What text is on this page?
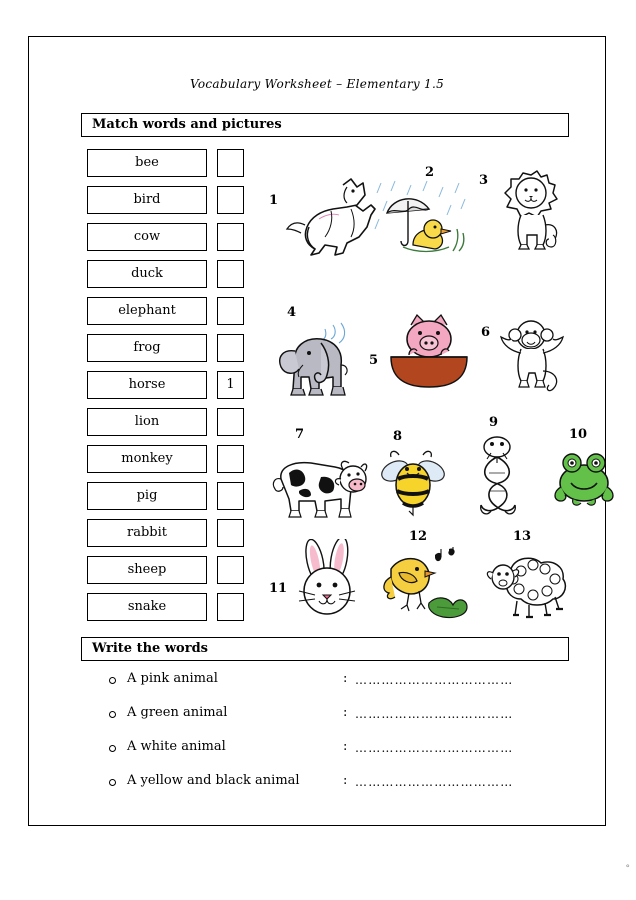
Vocabulary Worksheet – Elementary 1.5
Match words and pictures
bee
bird
cow
duck
elephant
frog
horse	1
lion
monkey
pig
rabbit
sheep
snake
1
2
3
4
5
6
7	8
9
10
11
12	13
Write the words
A pink animal	: ………………………………
A green animal	: ………………………………
A white animal	: ………………………………
A yellow and black animal	: ………………………………
°
